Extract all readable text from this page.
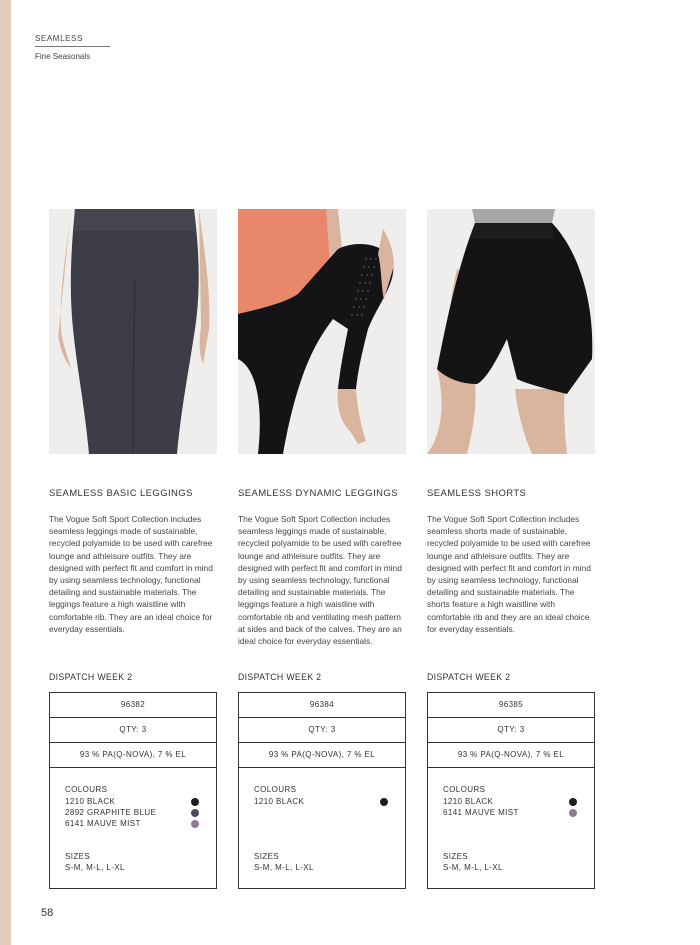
SEAMLESS
Fine Seasonals
SEAMLESS BASIC LEGGINGS
The Vogue Soft Sport Collection includes seamless leggings made of sustainable, recycled polyamide to be used with carefree lounge and athleisure outfits. They are designed with perfect fit and comfort in mind by using seamless technology, functional detailing and sustainable materials. The leggings feature a high waistline with comfortable rib. They are an ideal choice for everyday essentials.
DISPATCH WEEK 2
96382
QTY: 3
93 % PA(Q-NOVA), 7 % EL
COLOURS
1210 BLACK
2892 GRAPHITE BLUE
6141 MAUVE MIST
SIZES
S-M, M-L, L-XL
SEAMLESS DYNAMIC LEGGINGS
The Vogue Soft Sport Collection includes seamless leggings made of sustainable, recycled polyamide to be used with carefree lounge and athleisure outfits. They are designed with perfect fit and comfort in mind by using seamless technology, functional detailing and sustainable materials. The leggings feature a high waistline with comfortable rib and ventilating mesh pattern at sides and back of the calves. They are an ideal choice for everyday essentials.
DISPATCH WEEK 2
96384
QTY: 3
93 % PA(Q-NOVA), 7 % EL
COLOURS
1210 BLACK
SIZES
S-M, M-L, L-XL
SEAMLESS SHORTS
The Vogue Soft Sport Collection includes seamless shorts made of sustainable, recycled polyamide to be used with carefree lounge and athleisure outfits. They are designed with perfect fit and comfort in mind by using seamless technology, functional detailing and sustainable materials. The shorts feature a high waistline with comfortable rib and they are an ideal choice for everyday essentials.
DISPATCH WEEK 2
96385
QTY: 3
93 % PA(Q-NOVA), 7 % EL
COLOURS
1210 BLACK
6141 MAUVE MIST
SIZES
S-M, M-L, L-XL
58
